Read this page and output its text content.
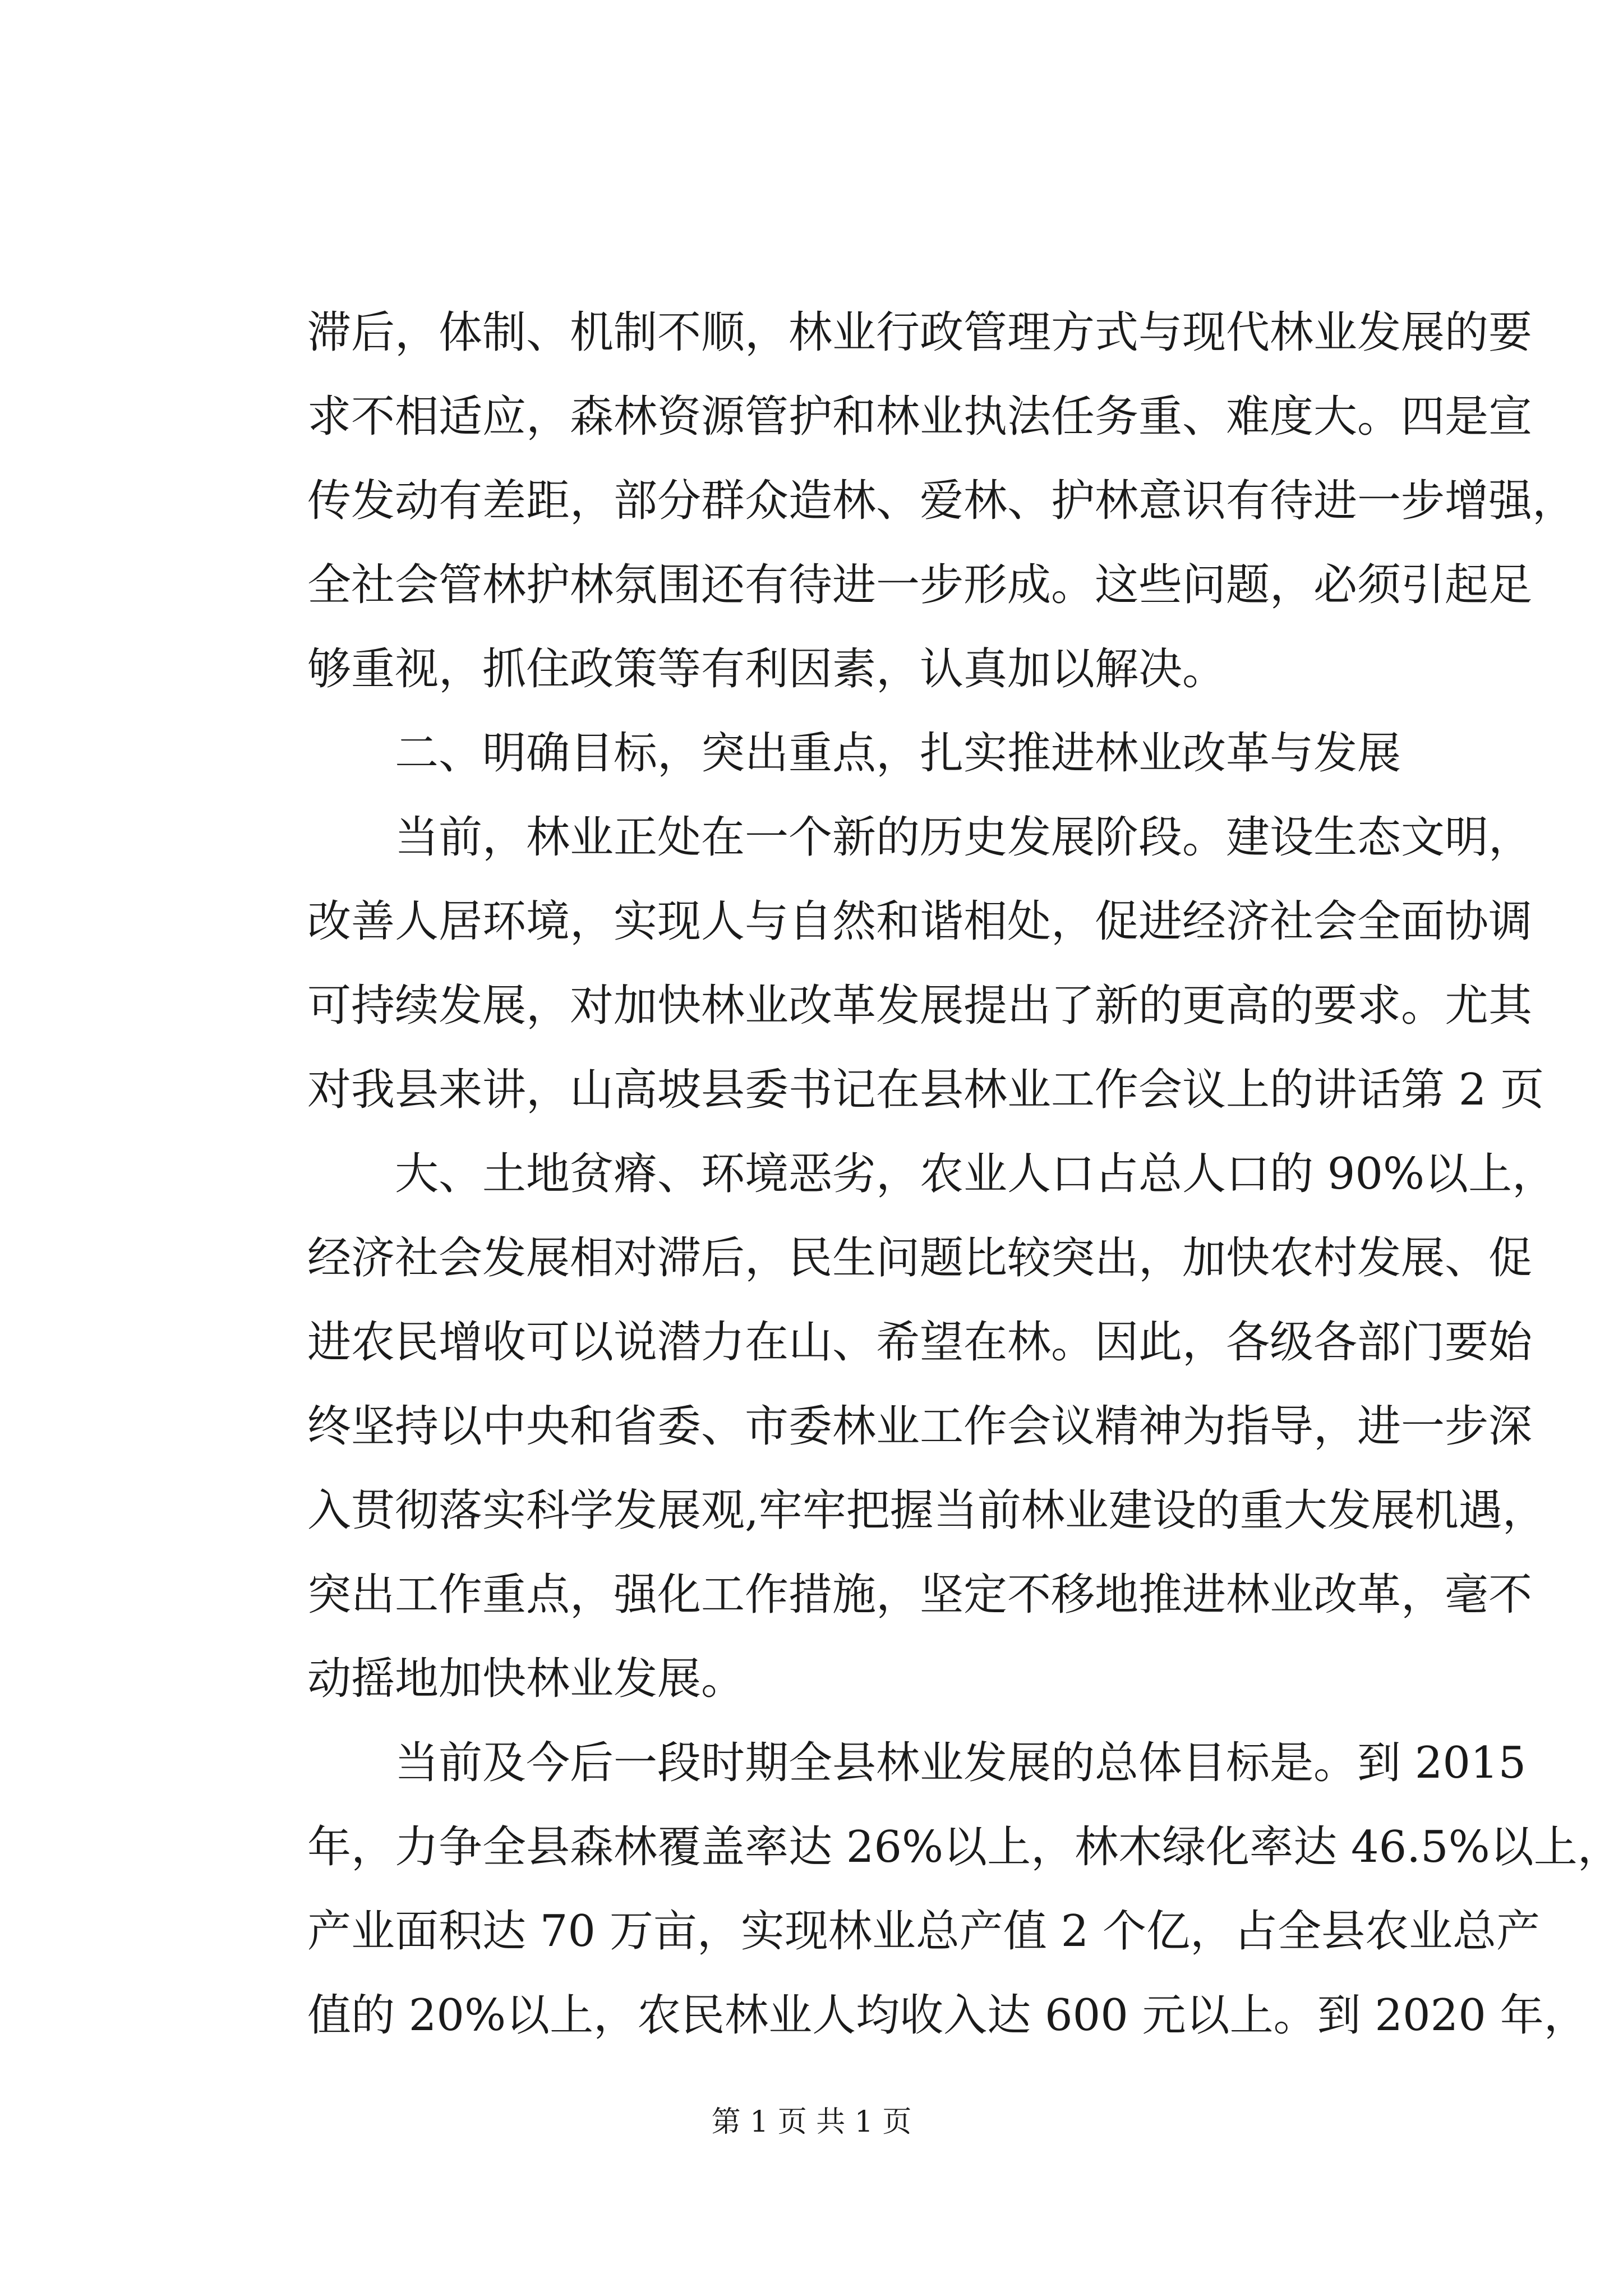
滞后，体制、机制不顺，林业行政管理方式与现代林业发展的要
求不相适应，森林资源管护和林业执法任务重、难度大。四是宣
传发动有差距，部分群众造林、爱林、护林意识有待进一步增强，
全社会管林护林氛围还有待进一步形成。这些问题，必须引起足
够重视，抓住政策等有利因素，认真加以解决。
二、明确目标，突出重点，扎实推进林业改革与发展
当前，林业正处在一个新的历史发展阶段。建设生态文明，
改善人居环境，实现人与自然和谐相处，促进经济社会全面协调
可持续发展，对加快林业改革发展提出了新的更高的要求。尤其
对我县来讲，山高坡县委书记在县林业工作会议上的讲话第 2 页
大、土地贫瘠、环境恶劣，农业人口占总人口的 90%以上，
经济社会发展相对滞后，民生问题比较突出，加快农村发展、促
进农民增收可以说潜力在山、希望在林。因此，各级各部门要始
终坚持以中央和省委、市委林业工作会议精神为指导，进一步深
入贯彻落实科学发展观,牢牢把握当前林业建设的重大发展机遇，
突出工作重点，强化工作措施，坚定不移地推进林业改革，毫不
动摇地加快林业发展。
当前及今后一段时期全县林业发展的总体目标是。到 2015
年，力争全县森林覆盖率达 26%以上，林木绿化率达 46.5%以上，
产业面积达 70 万亩，实现林业总产值 2 个亿，占全县农业总产
值的 20%以上，农民林业人均收入达 600 元以上。到 2020 年，
第 1 页 共 1 页
